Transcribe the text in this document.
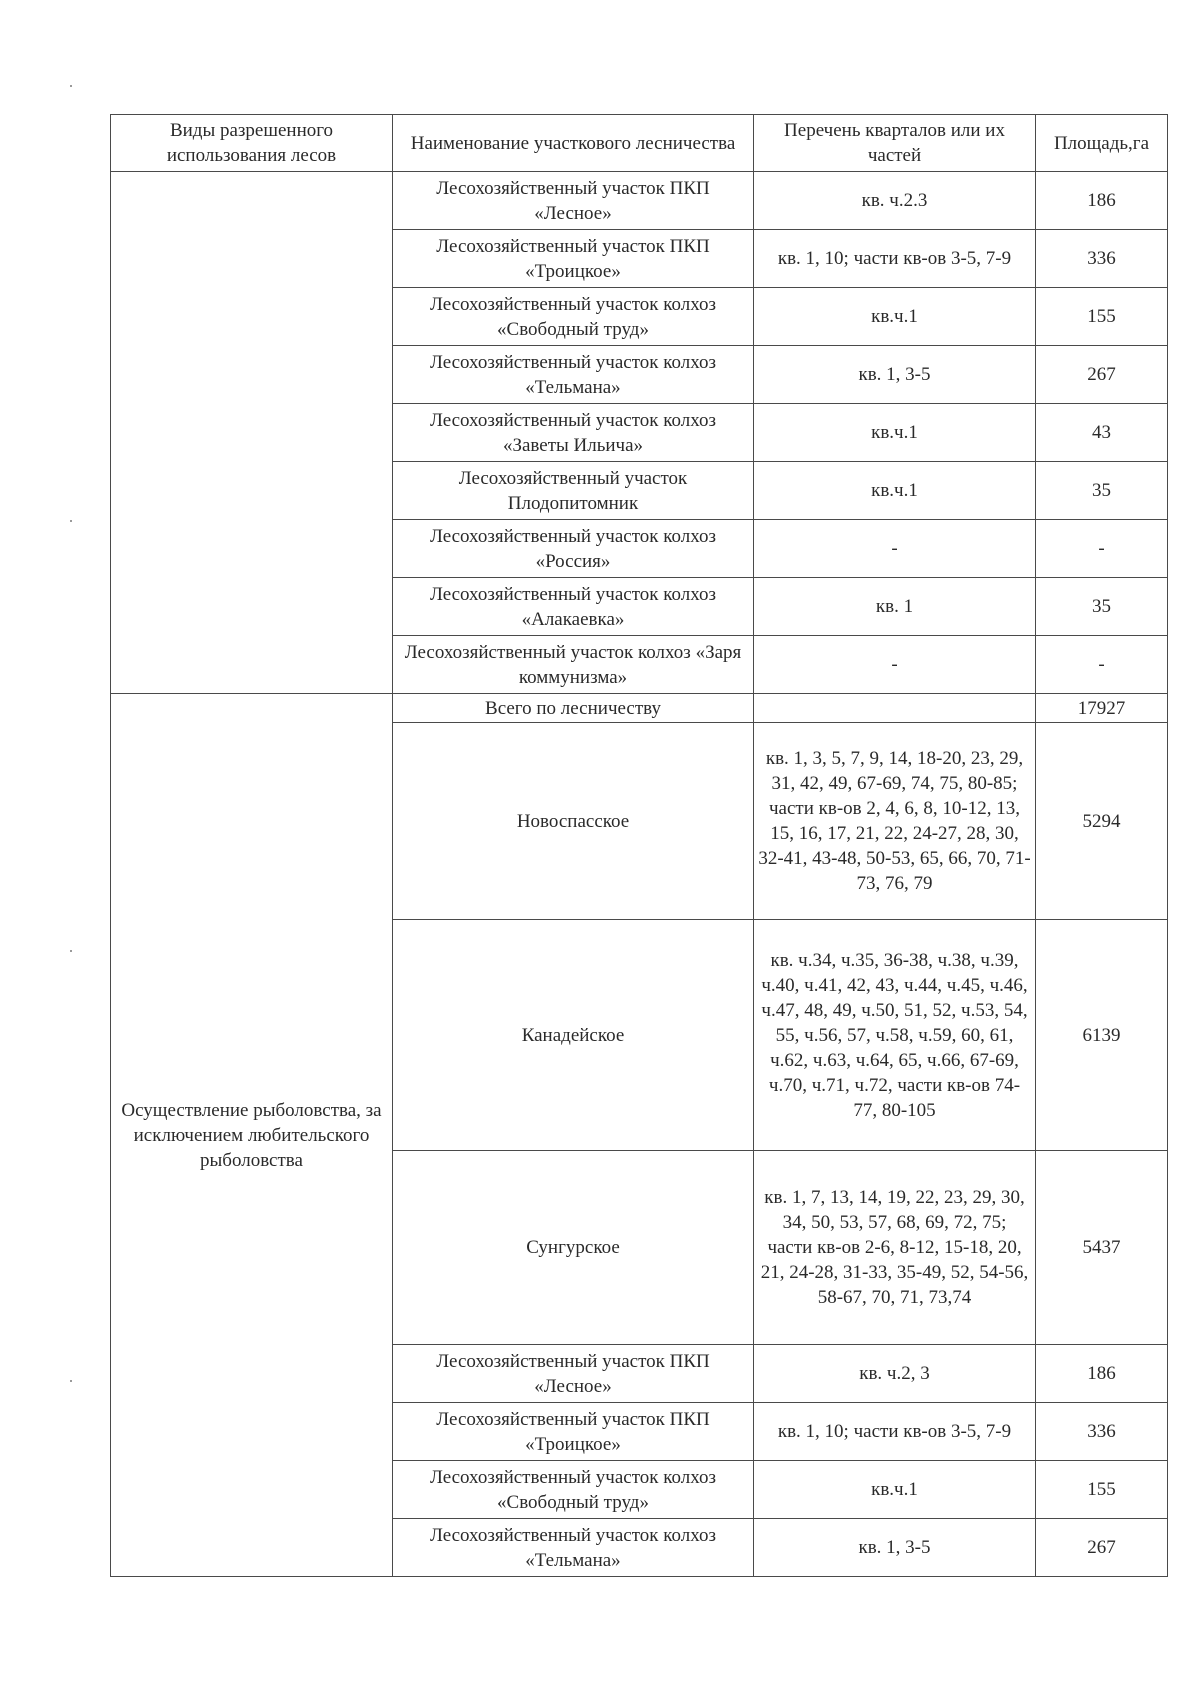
Виды разрешенного использования лесов	Наименование участкового лесничества	Перечень кварталов или их частей	Площадь,га
	Лесохозяйственный участок ПКП «Лесное»	кв. ч.2.3	186
	Лесохозяйственный участок ПКП «Троицкое»	кв. 1, 10; части кв-ов 3-5, 7-9	336
	Лесохозяйственный участок колхоз «Свободный труд»	кв.ч.1	155
	Лесохозяйственный участок колхоз «Тельмана»	кв. 1, 3-5	267
	Лесохозяйственный участок колхоз «Заветы Ильича»	кв.ч.1	43
	Лесохозяйственный участок Плодопитомник	кв.ч.1	35
	Лесохозяйственный участок колхоз «Россия»	-	-
	Лесохозяйственный участок колхоз «Алакаевка»	кв. 1	35
	Лесохозяйственный участок колхоз «Заря коммунизма»	-	-
Осуществление рыболовства, за исключением любительского рыболовства	Всего по лесничеству		17927
	Новоспасское	кв. 1, 3, 5, 7, 9, 14, 18-20, 23, 29, 31, 42, 49, 67-69, 74, 75, 80-85; части кв-ов 2, 4, 6, 8, 10-12, 13, 15, 16, 17, 21, 22, 24-27, 28, 30, 32-41, 43-48, 50-53, 65, 66, 70, 71-73, 76, 79	5294
	Канадейское	кв. ч.34, ч.35, 36-38, ч.38, ч.39, ч.40, ч.41, 42, 43, ч.44, ч.45, ч.46, ч.47, 48, 49, ч.50, 51, 52, ч.53, 54, 55, ч.56, 57, ч.58, ч.59, 60, 61, ч.62, ч.63, ч.64, 65, ч.66, 67-69, ч.70, ч.71, ч.72, части кв-ов 74-77, 80-105	6139
	Сунгурское	кв. 1, 7, 13, 14, 19, 22, 23, 29, 30, 34, 50, 53, 57, 68, 69, 72, 75; части кв-ов 2-6, 8-12, 15-18, 20, 21, 24-28, 31-33, 35-49, 52, 54-56, 58-67, 70, 71, 73,74	5437
	Лесохозяйственный участок ПКП «Лесное»	кв. ч.2, 3	186
	Лесохозяйственный участок ПКП «Троицкое»	кв. 1, 10; части кв-ов 3-5, 7-9	336
	Лесохозяйственный участок колхоз «Свободный труд»	кв.ч.1	155
	Лесохозяйственный участок колхоз «Тельмана»	кв. 1, 3-5	267
